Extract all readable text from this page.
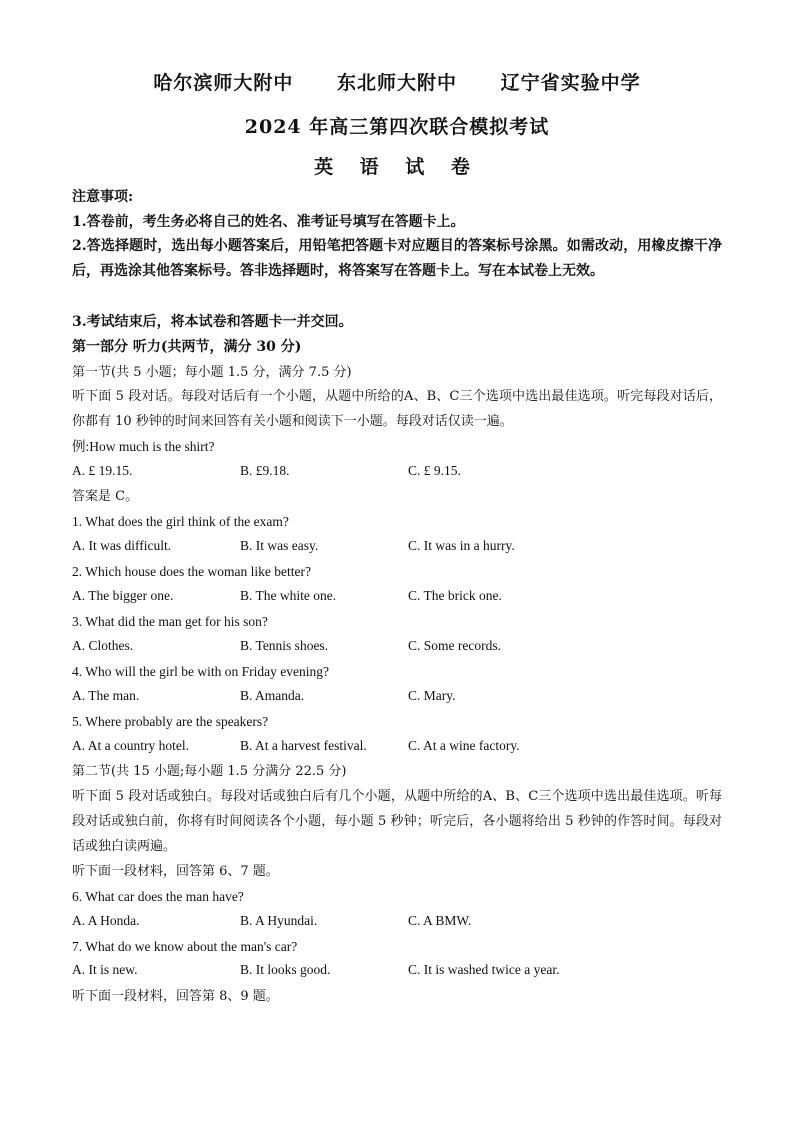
哈尔滨师大附中 东北师大附中 辽宁省实验中学
2024 年高三第四次联合模拟考试
英 语 试 卷
注意事项:
1.答卷前，考生务必将自己的姓名、准考证号填写在答题卡上。
2.答选择题时，选出每小题答案后，用铅笔把答题卡对应题目的答案标号涂黑。如需改动，用橡皮擦干净后，再选涂其他答案标号。答非选择题时，将答案写在答题卡上。写在本试卷上无效。
3.考试结束后，将本试卷和答题卡一并交回。
第一部分 听力(共两节，满分 30 分)
第一节(共 5 小题；每小题 1.5 分，满分 7.5 分)
听下面 5 段对话。每段对话后有一个小题，从题中所给的A、B、C三个选项中选出最佳选项。听完每段对话后，你都有 10 秒钟的时间来回答有关小题和阅读下一小题。每段对话仅读一遍。
例:How much is the shirt?
A. £ 19.15.	B. £9.18.	C. £ 9.15.
答案是 C。
1. What does the girl think of the exam?
A. It was difficult.	B. It was easy.	C. It was in a hurry.
2. Which house does the woman like better?
A. The bigger one.	B. The white one.	C. The brick one.
3. What did the man get for his son?
A. Clothes.	B. Tennis shoes.	C. Some records.
4. Who will the girl be with on Friday evening?
A. The man.	B. Amanda.	C. Mary.
5. Where probably are the speakers?
A. At a country hotel.	B. At a harvest festival.	C. At a wine factory.
第二节(共 15 小题;每小题 1.5 分满分 22.5 分)
听下面 5 段对话或独白。每段对话或独白后有几个小题，从题中所给的A、B、C三个选项中选出最佳选项。听每段对话或独白前，你将有时间阅读各个小题，每小题 5 秒钟；听完后，各小题将给出 5 秒钟的作答时间。每段对话或独白读两遍。
听下面一段材料，回答第 6、7 题。
6. What car does the man have?
A. A Honda.	B. A Hyundai.	C. A BMW.
7. What do we know about the man's car?
A. It is new.	B. It looks good.	C. It is washed twice a year.
听下面一段材料，回答第 8、9 题。
